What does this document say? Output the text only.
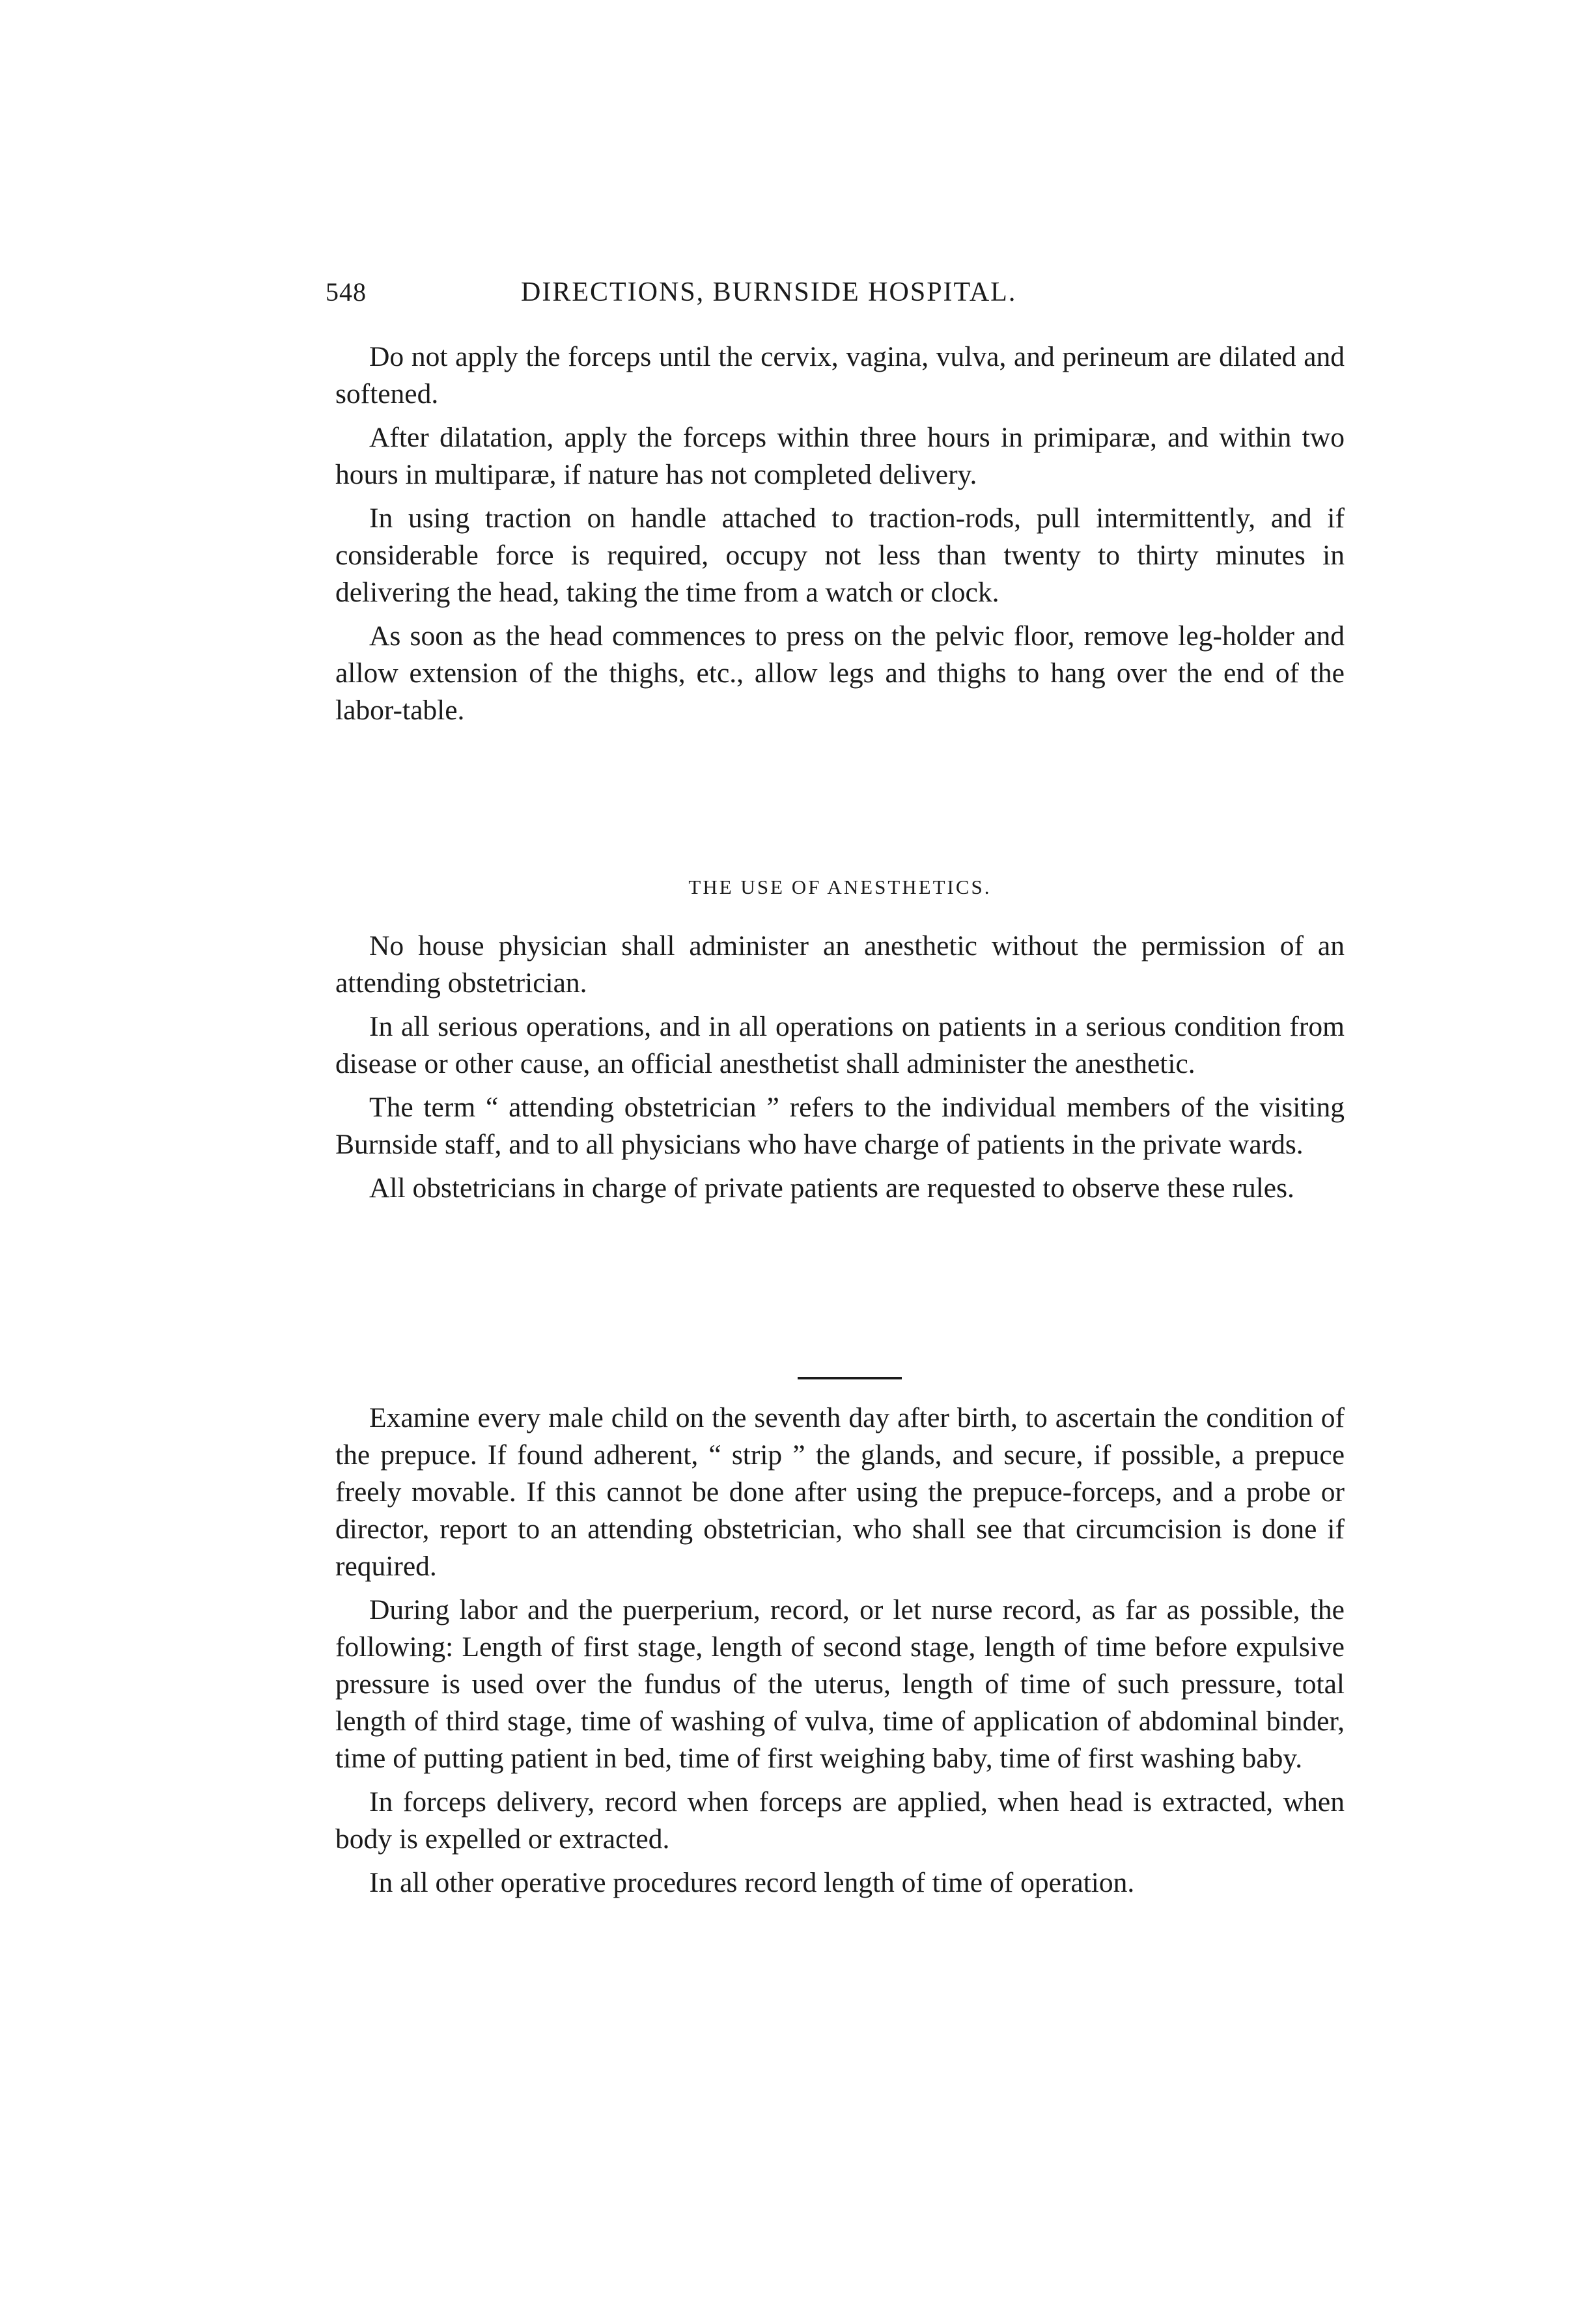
548	DIRECTIONS, BURNSIDE HOSPITAL.

Do not apply the forceps until the cervix, vagina, vulva, and perineum are dilated and softened.

After dilatation, apply the forceps within three hours in primiparæ, and within two hours in multiparæ, if nature has not completed delivery.

In using traction on handle attached to traction-rods, pull intermittently, and if considerable force is required, occupy not less than twenty to thirty minutes in delivering the head, taking the time from a watch or clock.

As soon as the head commences to press on the pelvic floor, remove leg-holder and allow extension of the thighs, etc., allow legs and thighs to hang over the end of the labor-table.

THE USE OF ANESTHETICS.

No house physician shall administer an anesthetic without the permission of an attending obstetrician.

In all serious operations, and in all operations on patients in a serious condition from disease or other cause, an official anesthetist shall administer the anesthetic.

The term “ attending obstetrician ” refers to the individual members of the visiting Burnside staff, and to all physicians who have charge of patients in the private wards.

All obstetricians in charge of private patients are requested to observe these rules.

Examine every male child on the seventh day after birth, to ascertain the condition of the prepuce. If found adherent, “ strip ” the glands, and secure, if possible, a prepuce freely movable. If this cannot be done after using the prepuce-forceps, and a probe or director, report to an attending obstetrician, who shall see that circumcision is done if required.

During labor and the puerperium, record, or let nurse record, as far as possible, the following: Length of first stage, length of second stage, length of time before expulsive pressure is used over the fundus of the uterus, length of time of such pressure, total length of third stage, time of washing of vulva, time of application of abdominal binder, time of putting patient in bed, time of first weighing baby, time of first washing baby.

In forceps delivery, record when forceps are applied, when head is extracted, when body is expelled or extracted.

In all other operative procedures record length of time of operation.
